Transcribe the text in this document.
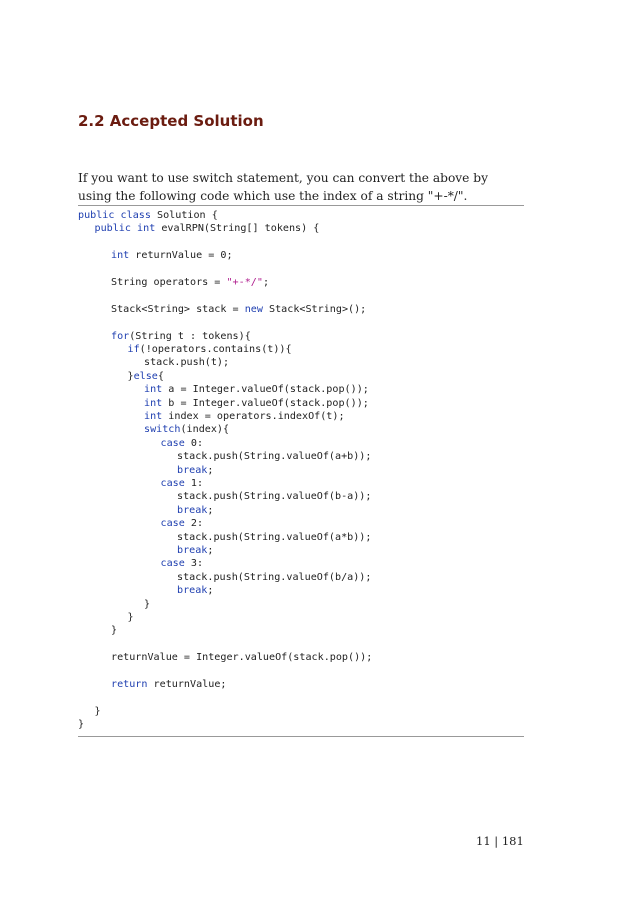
2.2 Accepted Solution

If you want to use switch statement, you can convert the above by using the following code which use the index of a string "+-*/".

public class Solution {
public int evalRPN(String[] tokens) {
int returnValue = 0;
String operators = "+-*/";
Stack<String> stack = new Stack<String>();
for(String t : tokens){
if(!operators.contains(t)){
stack.push(t);
}else{
int a = Integer.valueOf(stack.pop());
int b = Integer.valueOf(stack.pop());
int index = operators.indexOf(t);
switch(index){
case 0:
stack.push(String.valueOf(a+b));
break;
case 1:
stack.push(String.valueOf(b-a));
break;
case 2:
stack.push(String.valueOf(a*b));
break;
case 3:
stack.push(String.valueOf(b/a));
break;
}
}
}
returnValue = Integer.valueOf(stack.pop());
return returnValue;
}
}
11 | 181
